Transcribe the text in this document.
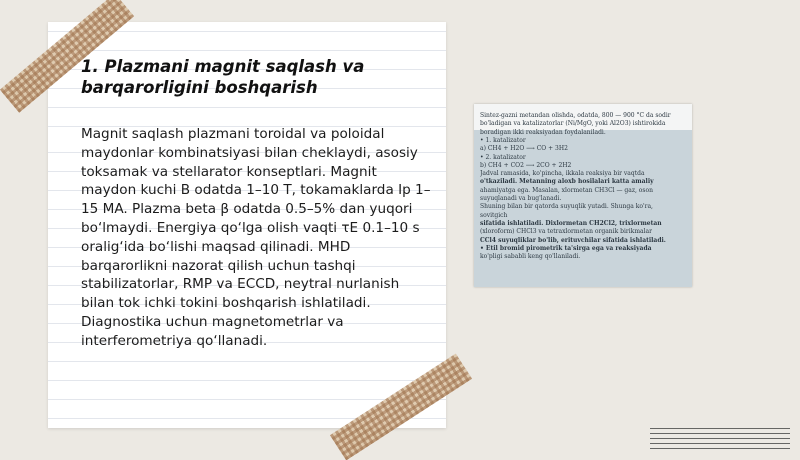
1. Plazmani magnit saqlash va barqarorligini boshqarish

Magnit saqlash plazmani toroidal va poloidal maydonlar kombinatsiyasi bilan cheklaydi, asosiy toksamak va stellarator konseptlari. Magnit maydon kuchi B odatda 1–10 T, tokamaklarda Ip 1–15 MA. Plazma beta β odatda 0.5–5% dan yuqori bo‘lmaydi. Energiya qo‘lga olish vaqti τE 0.1–10 s oralig‘ida bo‘lishi maqsad qilinadi. MHD barqarorlikni nazorat qilish uchun tashqi stabilizatorlar, RMP va ECCD, neytral nurlanish bilan tok ichki tokini boshqarish ishlatiladi. Diagnostika uchun magnetometrlar va interferometriya qo‘llanadi.

Sintez-gazni metandan olishda, odatda, 800 — 900 °C da sodir
bo'ladigan va katalizatorlar (Ni/MgO, yoki Al2O3) ishtirokida
boradigan ikki reaksiyadan foydalaniladi.
• 1. katalizator
a) CH4 + H2O ⟶ CO + 3H2
• 2. katalizator
b) CH4 + CO2 ⟶ 2CO + 2H2
Jadval ramasida, ko'pincha, ikkala reaksiya bir vaqtda
o'tkaziladi. Metanning aloxb hosilalari katta amaliy
ahamiyatga ega. Masalan, xlormetan CH3Cl — gaz, oson
suyuqlanadi va bug'lanadi.
Shuning bilan bir qatorda suyuqlik yutadi. Shunga ko'ra,
sovitgich
sifatida ishlatiladi. Dixlormetan CH2Cl2, trixlormetan
(xloroform) CHCl3 va tetraxlormetan organik birikmalar
CCl4 suyuqliklar bo'lib, erituvchilar sifatida ishlatiladi.
• Etil bromid pirometrik ta'sirga ega va reaksiyada
ko'pligi sababli keng qo'llaniladi.
